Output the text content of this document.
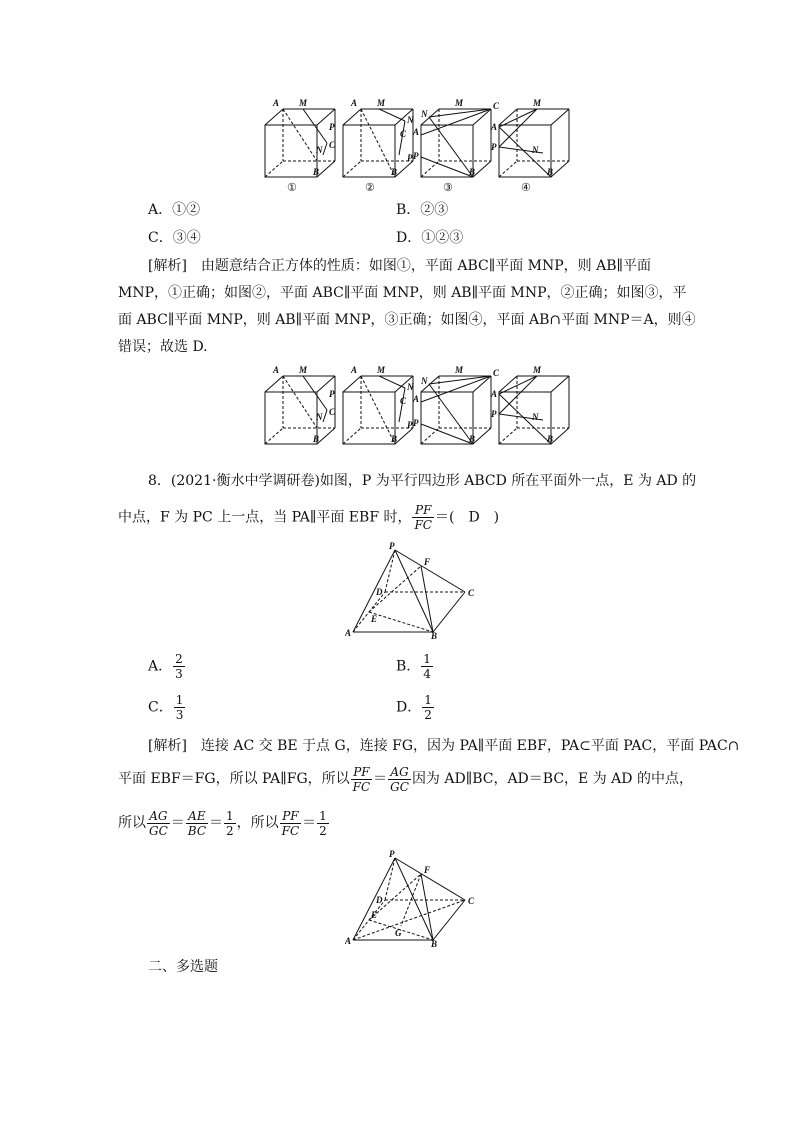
A M
P
C
N
B
A M
N
C
P
B
N
M	C
A
P
B
M
A
P	N
B
①	②	③	④
A．①②	B．②③
C．③④	D．①②③
[解析]　由题意结合正方体的性质：如图①，平面 ABC∥平面 MNP，则 AB∥平面
MNP，①正确；如图②，平面 ABC∥平面 MNP，则 AB∥平面 MNP，②正确；如图③，平
面 ABC∥平面 MNP，则 AB∥平面 MNP，③正确；如图④，平面 AB∩平面 MNP＝A，则④
错误；故选 D.
A M
P
C
N
B
A M
N
C
P
B
N
M	C
A
P
B
M
A
P	N
B
8．(2021·衡水中学调研卷)如图，P 为平行四边形 ABCD 所在平面外一点，E 为 AD 的
中点，F 为 PC 上一点，当 PA∥平面 EBF 时， $\frac{PF}{FC}$ ＝(　D　)
P
F
C
D
E
A	B
A． $\frac{2}{3}$	B． $\frac{1}{4}$
C． $\frac{1}{3}$	D． $\frac{1}{2}$
[解析]　连接 AC 交 BE 于点 G，连接 FG，因为 PA∥平面 EBF，PA⊂平面 PAC，平面 PAC∩
平面 EBF＝FG，所以 PA∥FG，所以 $\frac{PF}{FC} = \frac{AG}{GC}$ 因为 AD∥BC，AD＝BC，E 为 AD 的中点，
所以 $\frac{AG}{GC} = \frac{AE}{BC} = \frac{1}{2}$ ，所以 $\frac{PF}{FC} = \frac{1}{2}$
P
F
C
D
E
G
A	B
二、多选题
